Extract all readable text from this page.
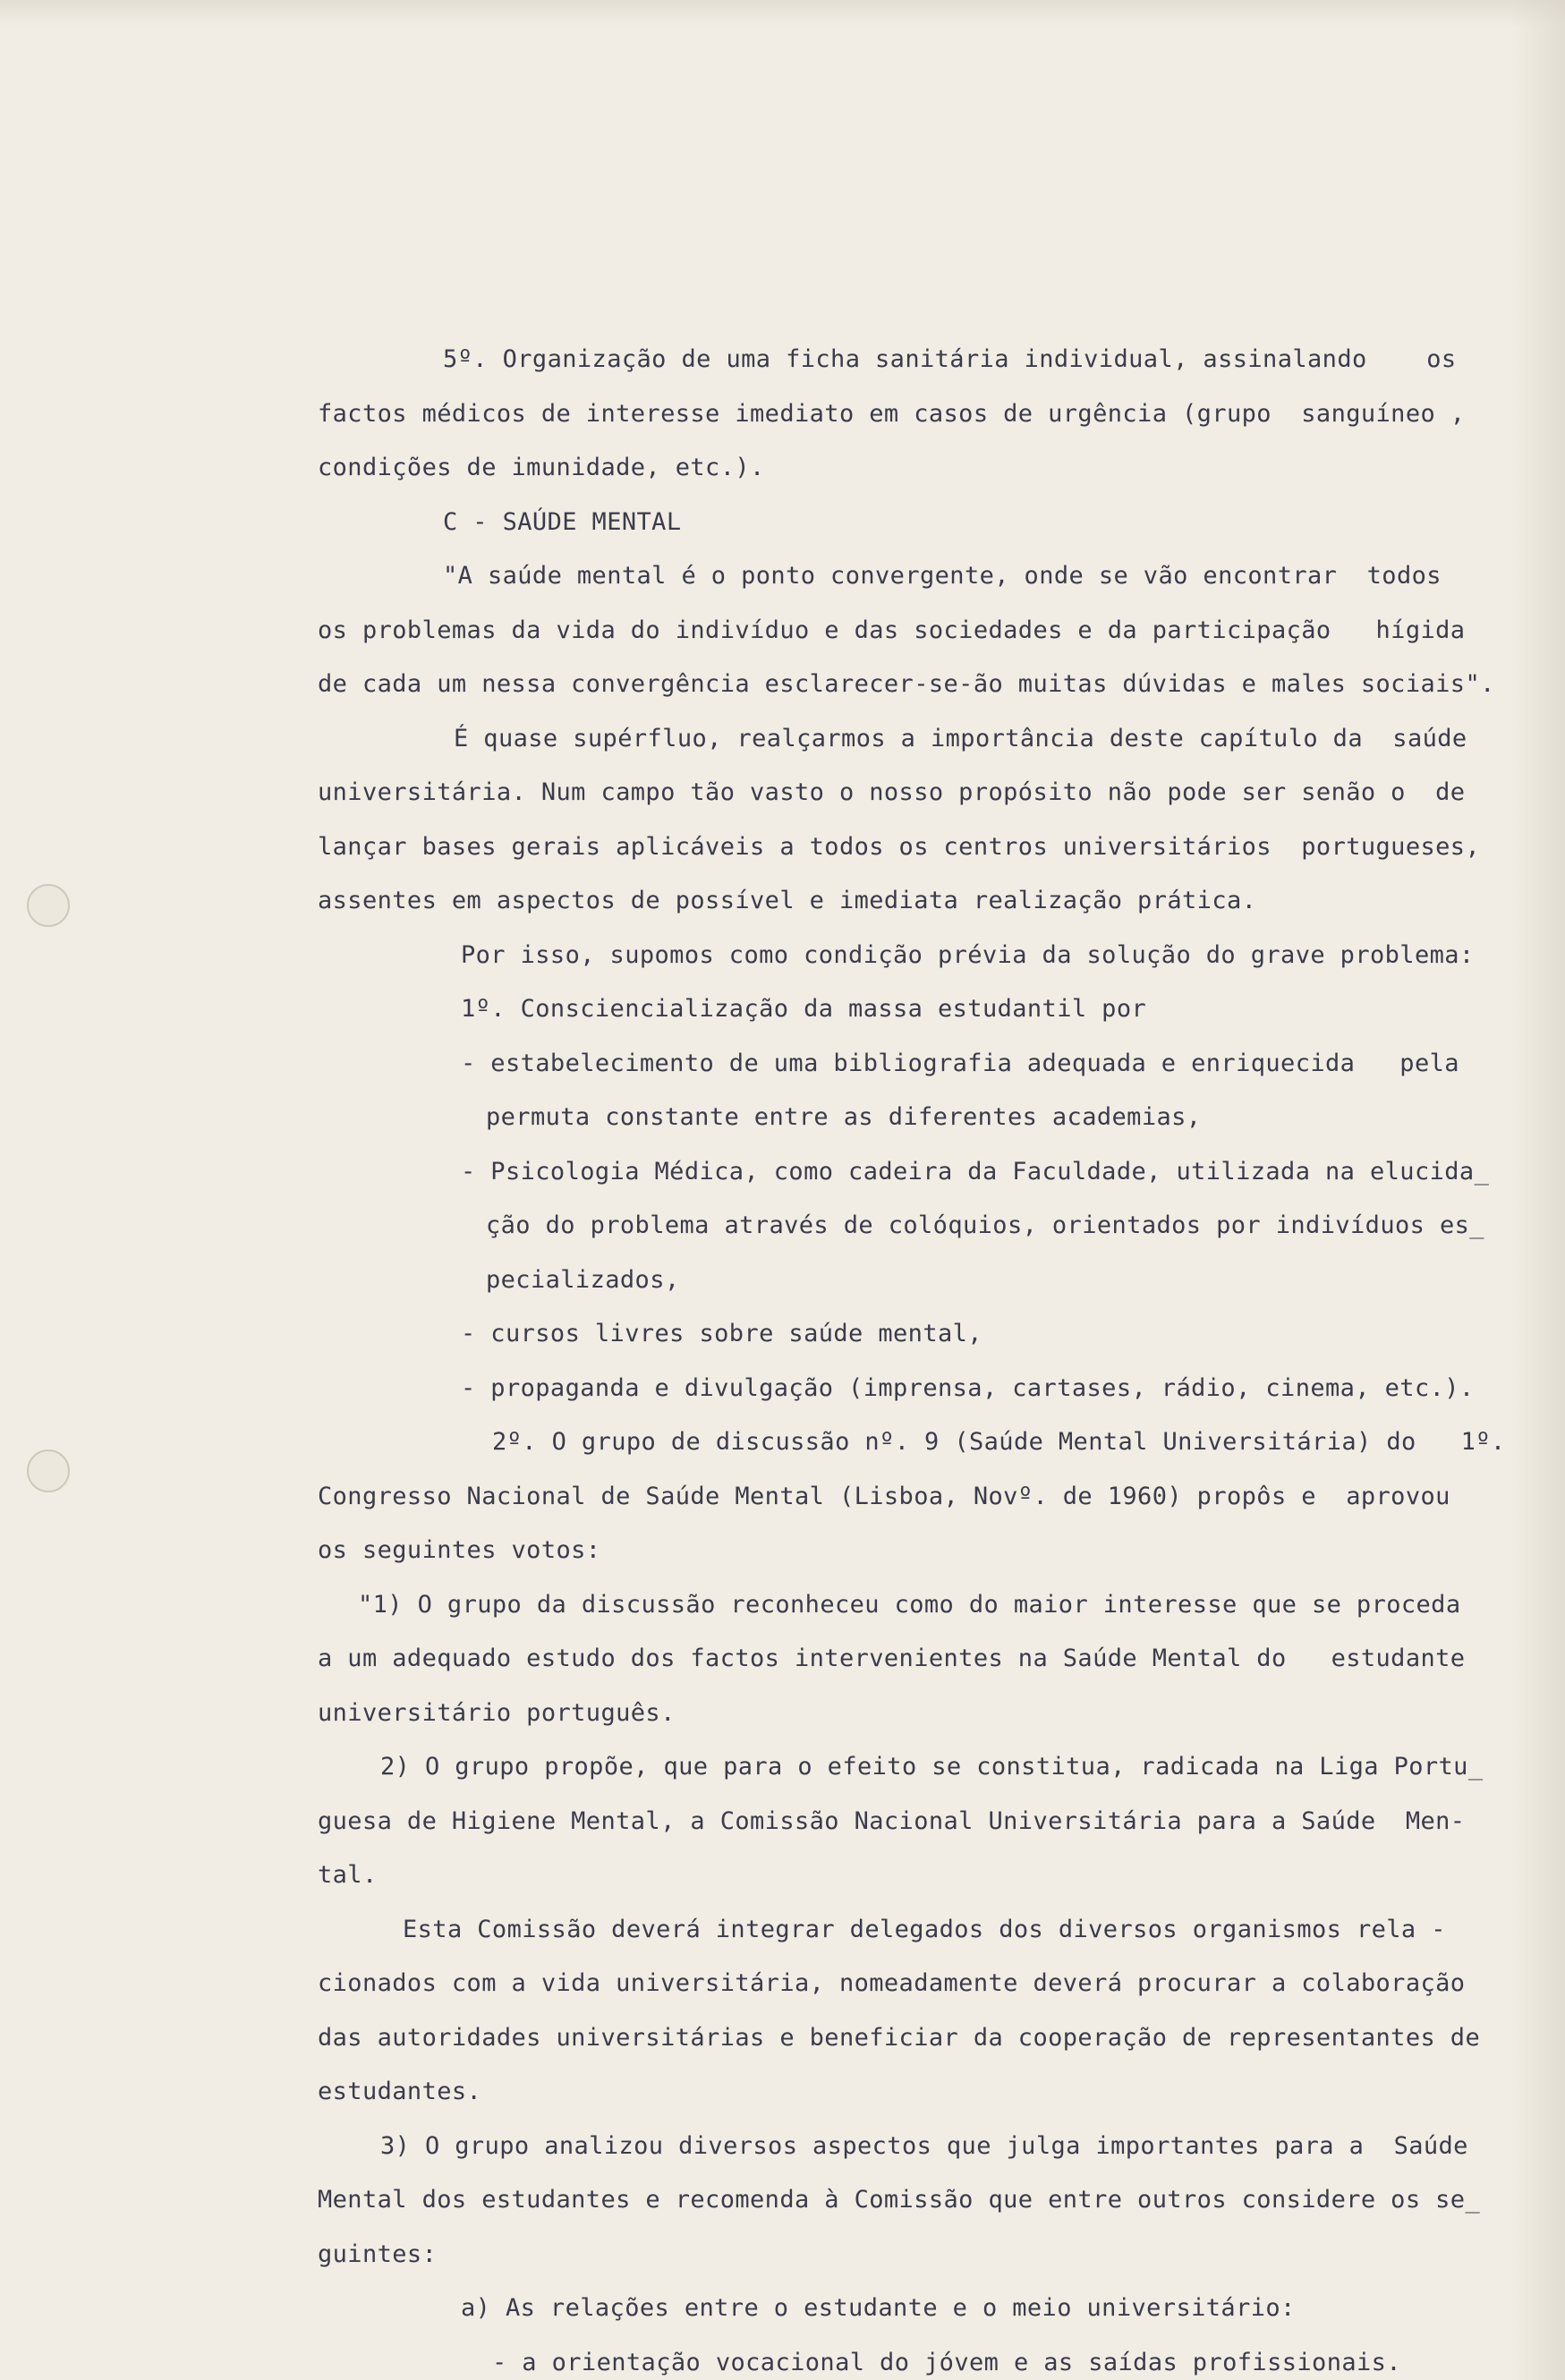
5º. Organização de uma ficha sanitária individual, assinalando    os
factos médicos de interesse imediato em casos de urgência (grupo  sanguíneo ,
condições de imunidade, etc.).
C - SAÚDE MENTAL
"A saúde mental é o ponto convergente, onde se vão encontrar  todos
os problemas da vida do indivíduo e das sociedades e da participação   hígida
de cada um nessa convergência esclarecer-se-ão muitas dúvidas e males sociais".
É quase supérfluo, realçarmos a importância deste capítulo da  saúde
universitária. Num campo tão vasto o nosso propósito não pode ser senão o  de
lançar bases gerais aplicáveis a todos os centros universitários  portugueses,
assentes em aspectos de possível e imediata realização prática.
Por isso, supomos como condição prévia da solução do grave problema:
1º. Consciencialização da massa estudantil por
- estabelecimento de uma bibliografia adequada e enriquecida   pela
permuta constante entre as diferentes academias,
- Psicologia Médica, como cadeira da Faculdade, utilizada na elucida_
ção do problema através de colóquios, orientados por indivíduos es_
pecializados,
- cursos livres sobre saúde mental,
- propaganda e divulgação (imprensa, cartases, rádio, cinema, etc.).
2º. O grupo de discussão nº. 9 (Saúde Mental Universitária) do   1º.
Congresso Nacional de Saúde Mental (Lisboa, Novº. de 1960) propôs e  aprovou
os seguintes votos:
"1) O grupo da discussão reconheceu como do maior interesse que se proceda
a um adequado estudo dos factos intervenientes na Saúde Mental do   estudante
universitário português.
2) O grupo propõe, que para o efeito se constitua, radicada na Liga Portu_
guesa de Higiene Mental, a Comissão Nacional Universitária para a Saúde  Men-
tal.
Esta Comissão deverá integrar delegados dos diversos organismos rela -
cionados com a vida universitária, nomeadamente deverá procurar a colaboração
das autoridades universitárias e beneficiar da cooperação de representantes de
estudantes.
3) O grupo analizou diversos aspectos que julga importantes para a  Saúde
Mental dos estudantes e recomenda à Comissão que entre outros considere os se_
guintes:
a) As relações entre o estudante e o meio universitário:
- a orientação vocacional do jóvem e as saídas profissionais.
